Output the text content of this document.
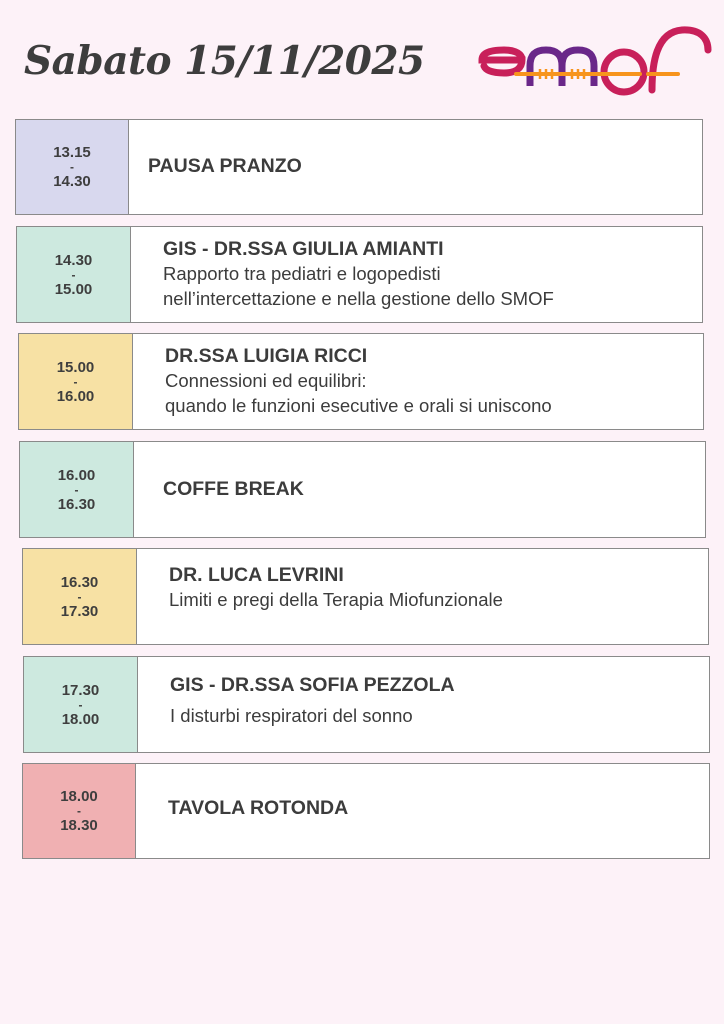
Sabato 15/11/2025
13.15
-
14.30
PAUSA PRANZO
14.30
-
15.00
GIS - DR.SSA GIULIA AMIANTI
Rapporto tra pediatri e logopedisti
nell’intercettazione e nella gestione dello SMOF
15.00
-
16.00
DR.SSA LUIGIA RICCI
Connessioni ed equilibri:
quando le funzioni esecutive e orali si uniscono
16.00
-
16.30
COFFE BREAK
16.30
-
17.30
DR. LUCA LEVRINI
Limiti e pregi della Terapia Miofunzionale
17.30
-
18.00
GIS - DR.SSA SOFIA PEZZOLA
I disturbi respiratori del sonno
18.00
-
18.30
TAVOLA ROTONDA
